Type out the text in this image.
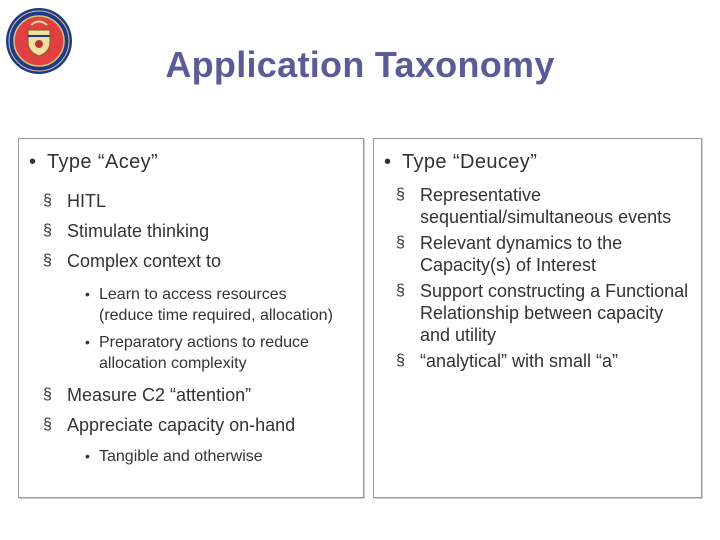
Application Taxonomy
• Type “Acey”
§ HITL
§ Stimulate thinking
§ Complex context to
• Learn to access resources (reduce time required, allocation)
• Preparatory actions to reduce allocation complexity
§ Measure C2 “attention”
§ Appreciate capacity on-hand
• Tangible and otherwise
• Type “Deucey”
§ Representative sequential/simultaneous events
§ Relevant dynamics to the Capacity(s) of Interest
§ Support constructing a Functional Relationship between capacity and utility
§ “analytical” with small “a”
